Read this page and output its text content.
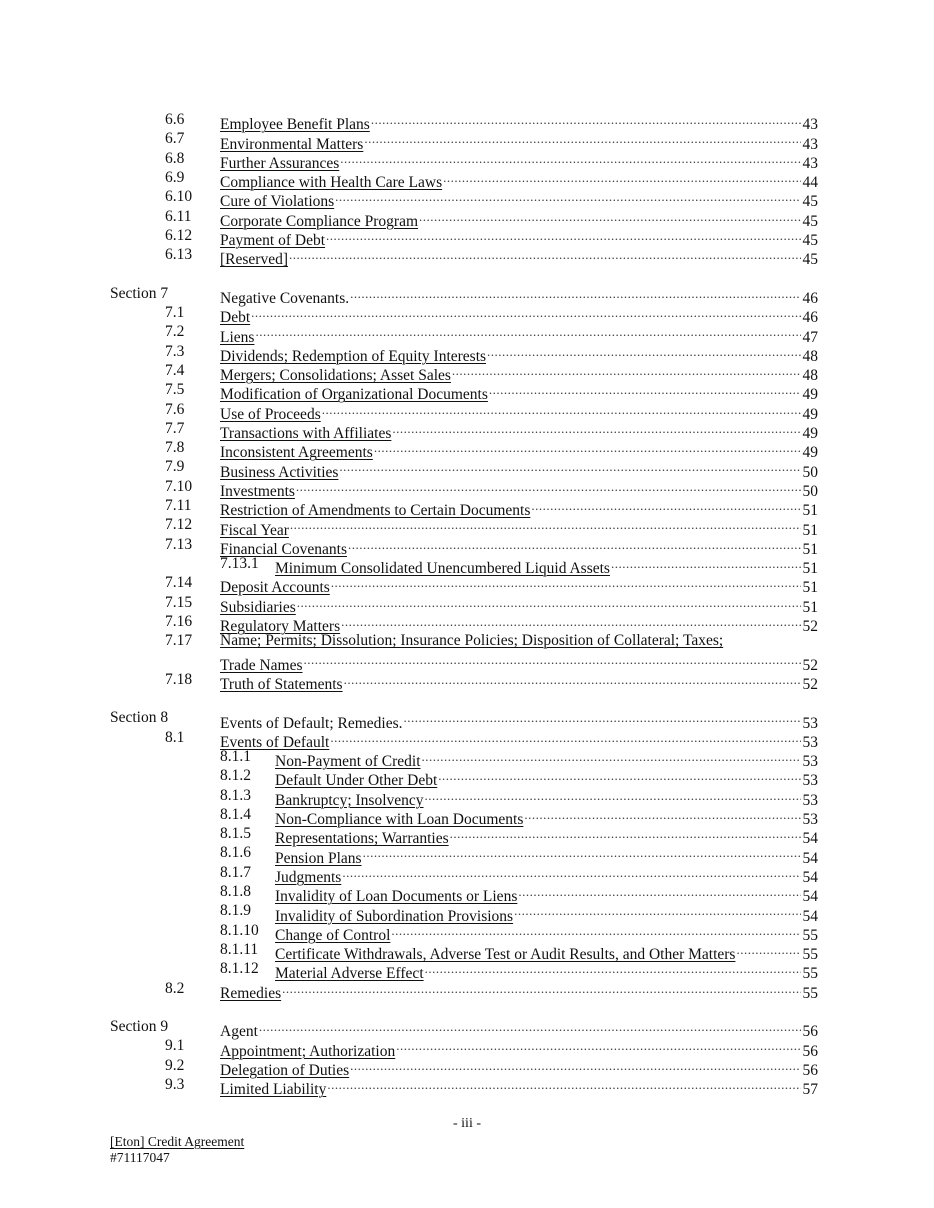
6.6 Employee Benefit Plans .....	43
6.7 Environmental Matters .....	43
6.8 Further Assurances .....	43
6.9 Compliance with Health Care Laws .....	44
6.10 Cure of Violations .....	45
6.11 Corporate Compliance Program .....	45
6.12 Payment of Debt .....	45
6.13 [Reserved] .....	45
Section 7	Negative Covenants. .....	46
7.1 Debt .....	46
7.2 Liens .....	47
7.3 Dividends; Redemption of Equity Interests .....	48
7.4 Mergers; Consolidations; Asset Sales .....	48
7.5 Modification of Organizational Documents .....	49
7.6 Use of Proceeds .....	49
7.7 Transactions with Affiliates .....	49
7.8 Inconsistent Agreements .....	49
7.9 Business Activities .....	50
7.10 Investments .....	50
7.11 Restriction of Amendments to Certain Documents .....	51
7.12 Fiscal Year .....	51
7.13 Financial Covenants .....	51
7.13.1 Minimum Consolidated Unencumbered Liquid Assets .....	51
7.14 Deposit Accounts .....	51
7.15 Subsidiaries .....	51
7.16 Regulatory Matters .....	52
7.17 Name; Permits; Dissolution; Insurance Policies; Disposition of Collateral; Taxes;
Trade Names .....	52
7.18 Truth of Statements .....	52
Section 8	Events of Default; Remedies. .....	53
8.1 Events of Default .....	53
8.1.1 Non-Payment of Credit .....	53
8.1.2 Default Under Other Debt .....	53
8.1.3 Bankruptcy; Insolvency .....	53
8.1.4 Non-Compliance with Loan Documents .....	53
8.1.5 Representations; Warranties .....	54
8.1.6 Pension Plans .....	54
8.1.7 Judgments .....	54
8.1.8 Invalidity of Loan Documents or Liens .....	54
8.1.9 Invalidity of Subordination Provisions .....	54
8.1.10 Change of Control .....	55
8.1.11 Certificate Withdrawals, Adverse Test or Audit Results, and Other Matters .....	55
8.1.12 Material Adverse Effect .....	55
8.2 Remedies .....	55
Section 9	Agent .....	56
9.1 Appointment; Authorization .....	56
9.2 Delegation of Duties .....	56
9.3 Limited Liability .....	57
- iii -
[Eton] Credit Agreement
#71117047
